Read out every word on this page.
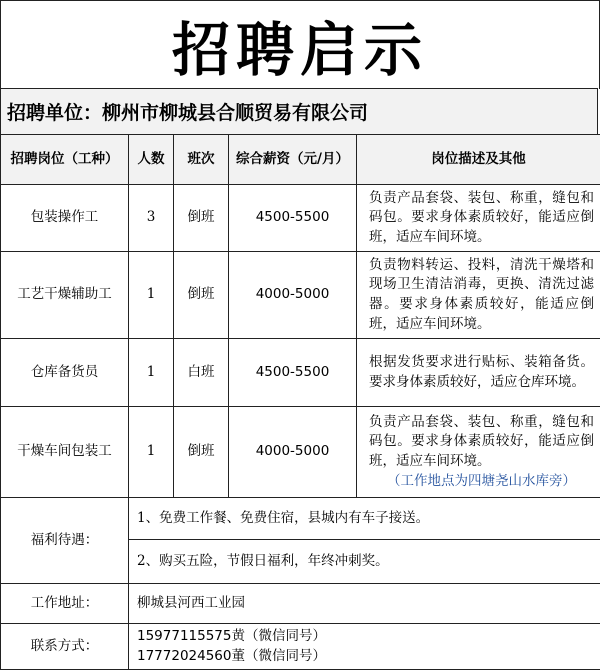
招聘启示
招聘单位：柳州市柳城县合顺贸易有限公司
招聘岗位（工种）	人数	班次	综合薪资（元/月）	岗位描述及其他
包装操作工	3	倒班	4500-5500	负责产品套袋、装包、称重，缝包和码包。要求身体素质较好，能适应倒班，适应车间环境。
工艺干燥辅助工	1	倒班	4000-5000	负责物料转运、投料，清洗干燥塔和现场卫生清洁消毒，更换、清洗过滤器。要求身体素质较好，能适应倒班，适应车间环境。
仓库备货员	1	白班	4500-5500	根据发货要求进行贴标、装箱备货。要求身体素质较好，适应仓库环境。
干燥车间包装工	1	倒班	4000-5000	负责产品套袋、装包、称重，缝包和码包。要求身体素质较好，能适应倒班，适应车间环境。
（工作地点为四塘尧山水库旁）

福利待遇：	1、免费工作餐、免费住宿，县城内有车子接送。			
	2、购买五险，节假日福利，年终冲刺奖。			
工作地址：	柳城县河西工业园			
联系方式：	15977115575黄（微信同号）
17772024560董（微信同号）			
